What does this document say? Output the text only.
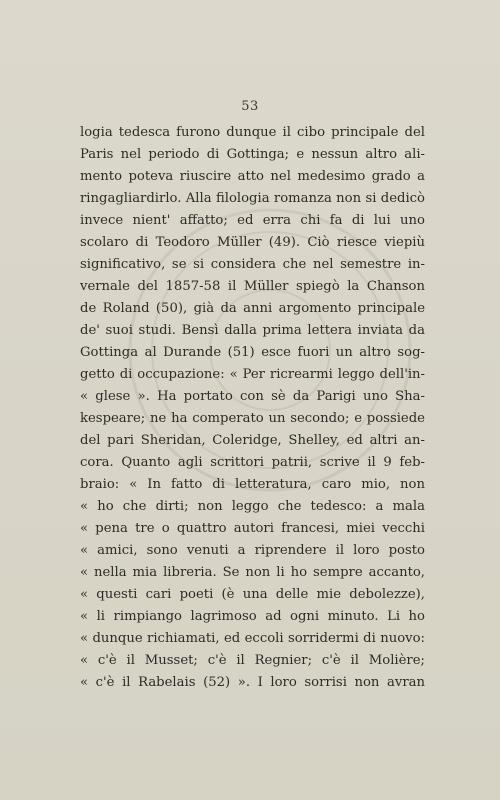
53
logia tedesca furono dunque il cibo principale del
Paris nel periodo di Gottinga; e nessun altro ali-
mento poteva riuscire atto nel medesimo grado a
ringagliardirlo. Alla filologia romanza non si dedicò
invece nient' affatto; ed erra chi fa di lui uno
scolaro di Teodoro Müller (49). Ciò riesce viepiù
significativo, se si considera che nel semestre in-
vernale del 1857-58 il Müller spiegò la Chanson
de Roland (50), già da anni argomento principale
de' suoi studi. Bensì dalla prima lettera inviata da
Gottinga al Durande (51) esce fuori un altro sog-
getto di occupazione: « Per ricrearmi leggo dell'in-
« glese ». Ha portato con sè da Parigi uno Sha-
kespeare; ne ha comperato un secondo; e possiede
del pari Sheridan, Coleridge, Shelley, ed altri an-
cora. Quanto agli scrittori patrii, scrive il 9 feb-
braio: « In fatto di letteratura, caro mio, non
« ho che dirti; non leggo che tedesco: a mala
« pena tre o quattro autori francesi, miei vecchi
« amici, sono venuti a riprendere il loro posto
« nella mia libreria. Se non li ho sempre accanto,
« questi cari poeti (è una delle mie debolezze),
« li rimpiango lagrimoso ad ogni minuto. Li ho
« dunque richiamati, ed eccoli sorridermi di nuovo:
« c'è il Musset; c'è il Regnier; c'è il Molière;
« c'è il Rabelais (52) ». I loro sorrisi non avran
